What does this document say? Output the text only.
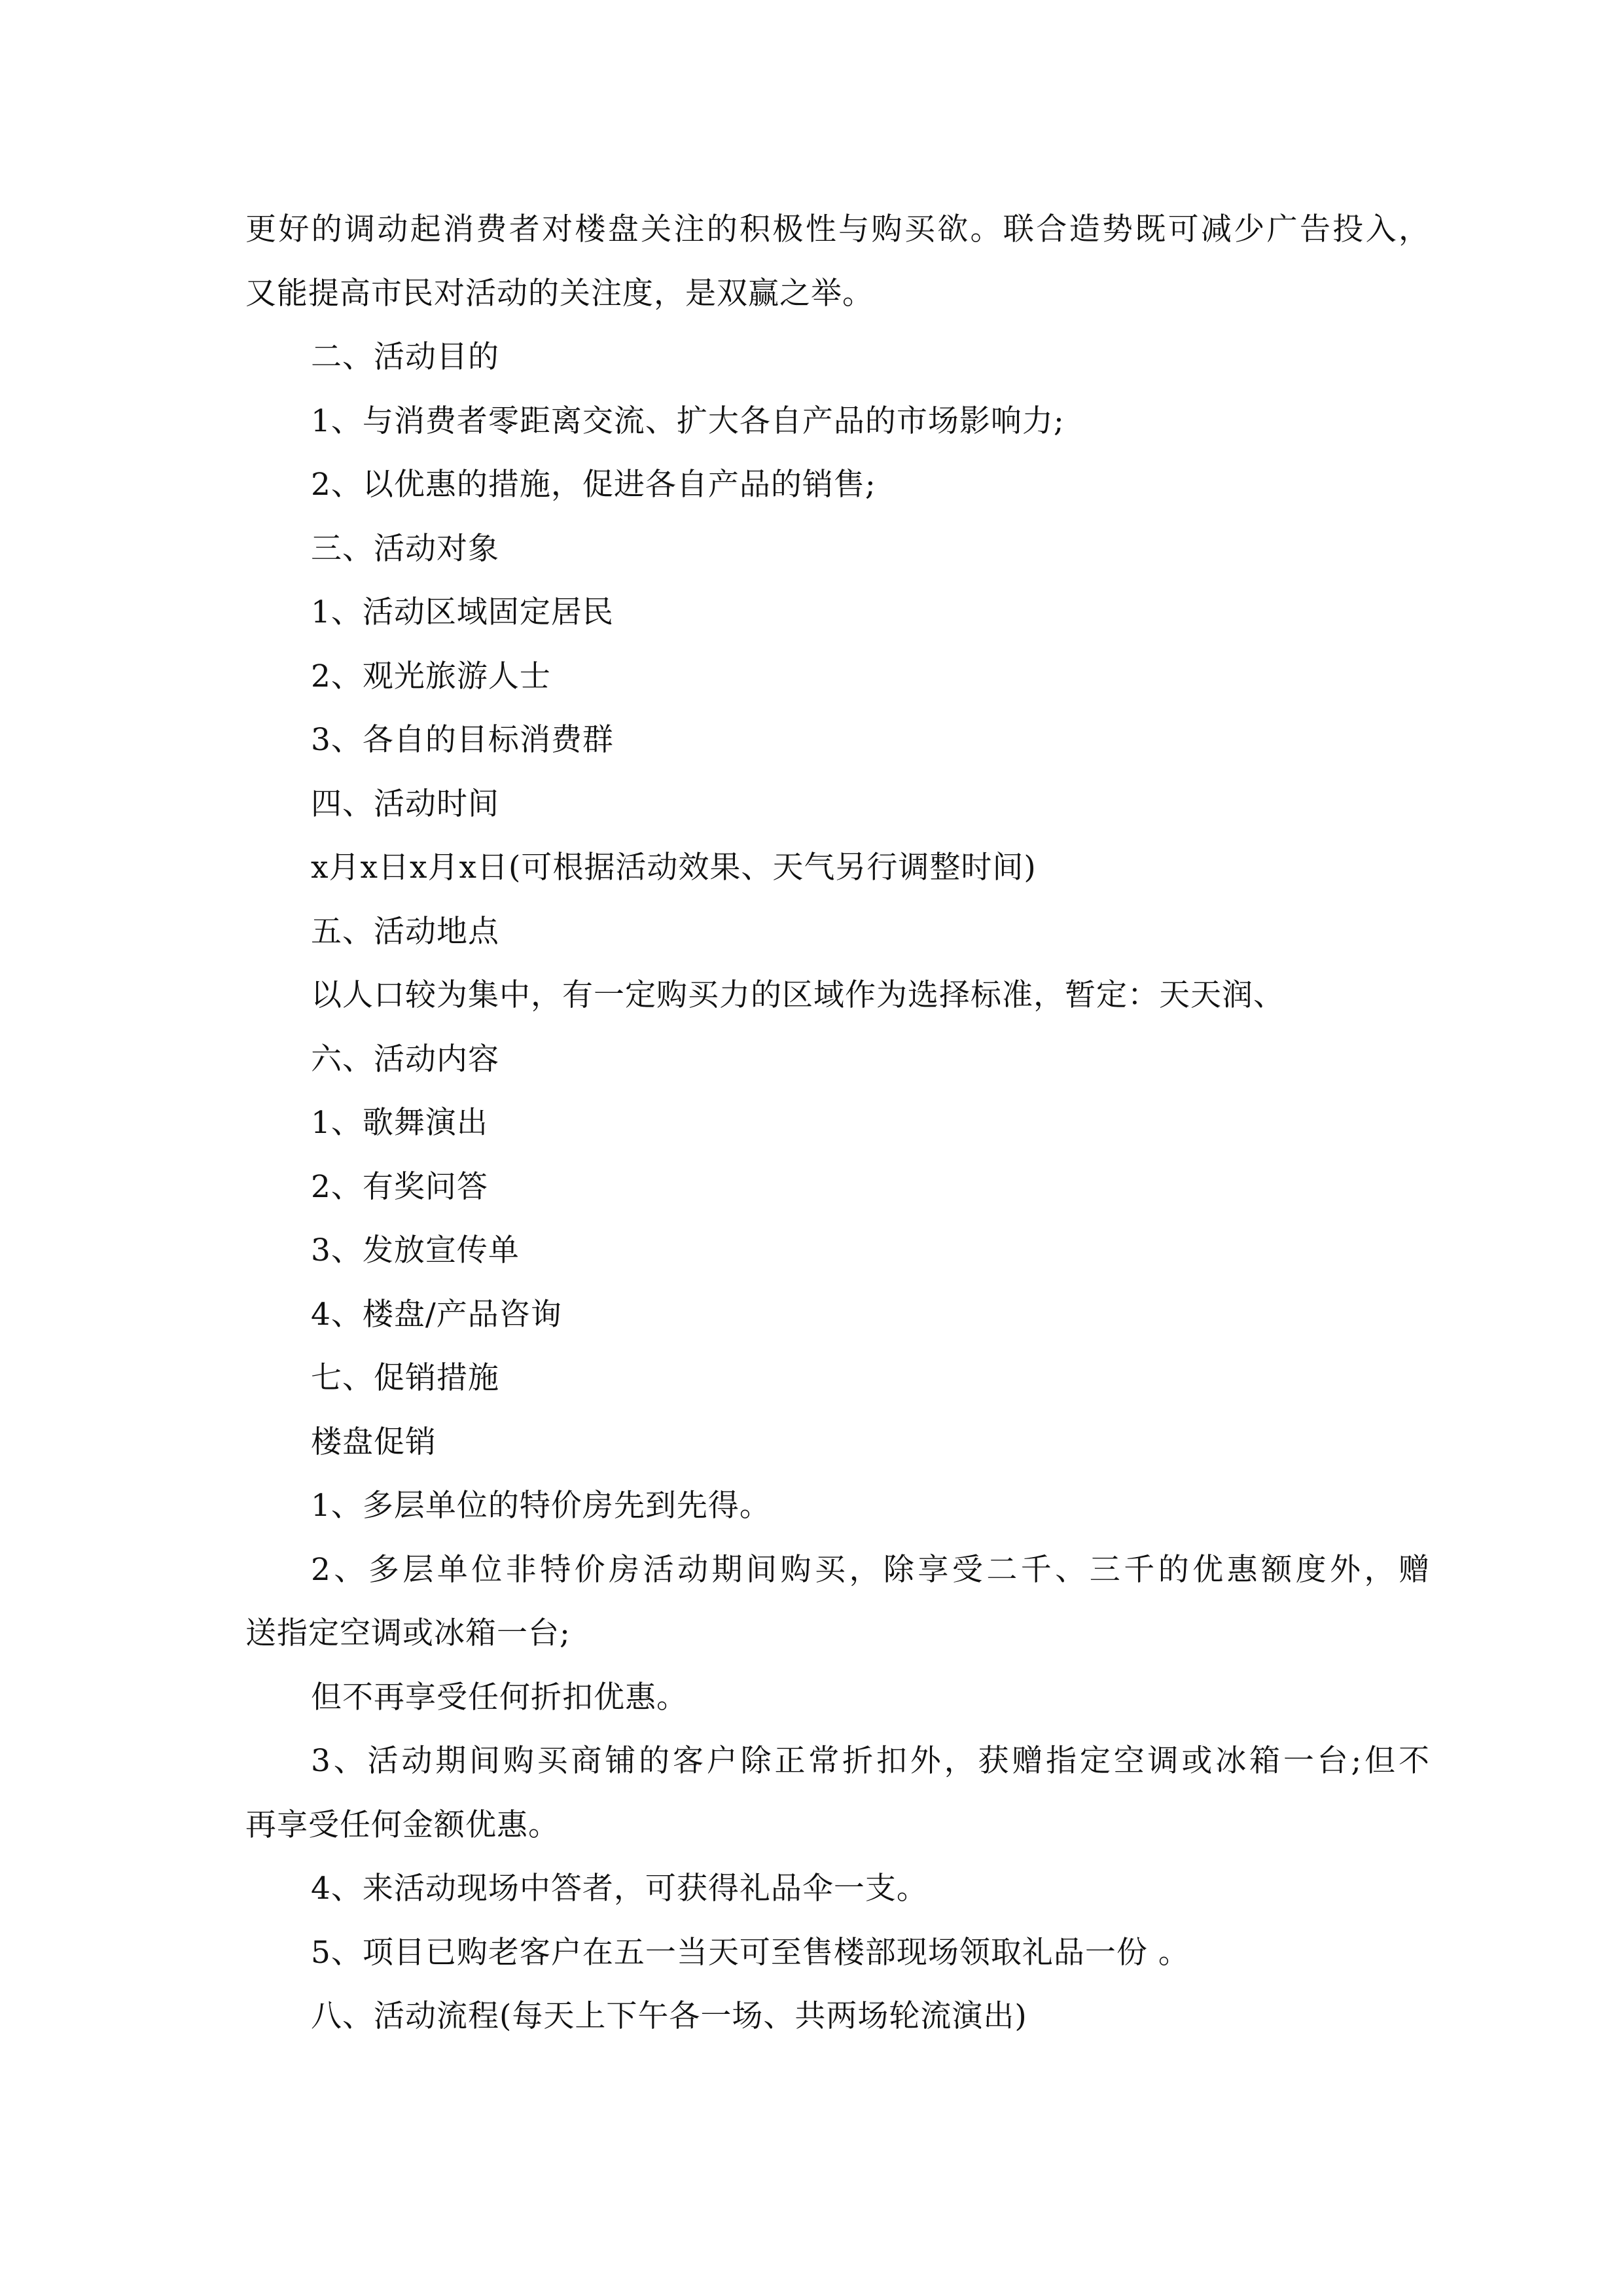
更好的调动起消费者对楼盘关注的积极性与购买欲。联合造势既可减少广告投入，
又能提高市民对活动的关注度，是双赢之举。
二、活动目的
1、与消费者零距离交流、扩大各自产品的市场影响力;
2、以优惠的措施，促进各自产品的销售;
三、活动对象
1、活动区域固定居民
2、观光旅游人士
3、各自的目标消费群
四、活动时间
x月x日x月x日(可根据活动效果、天气另行调整时间)
五、活动地点
以人口较为集中，有一定购买力的区域作为选择标准，暂定：天天润、
六、活动内容
1、歌舞演出
2、有奖问答
3、发放宣传单
4、楼盘/产品咨询
七、促销措施
楼盘促销
1、多层单位的特价房先到先得。
2、多层单位非特价房活动期间购买，除享受二千、三千的优惠额度外，赠
送指定空调或冰箱一台;
但不再享受任何折扣优惠。
3、活动期间购买商铺的客户除正常折扣外，获赠指定空调或冰箱一台;但不
再享受任何金额优惠。
4、来活动现场中答者，可获得礼品伞一支。
5、项目已购老客户在五一当天可至售楼部现场领取礼品一份 。
八、活动流程(每天上下午各一场、共两场轮流演出)
